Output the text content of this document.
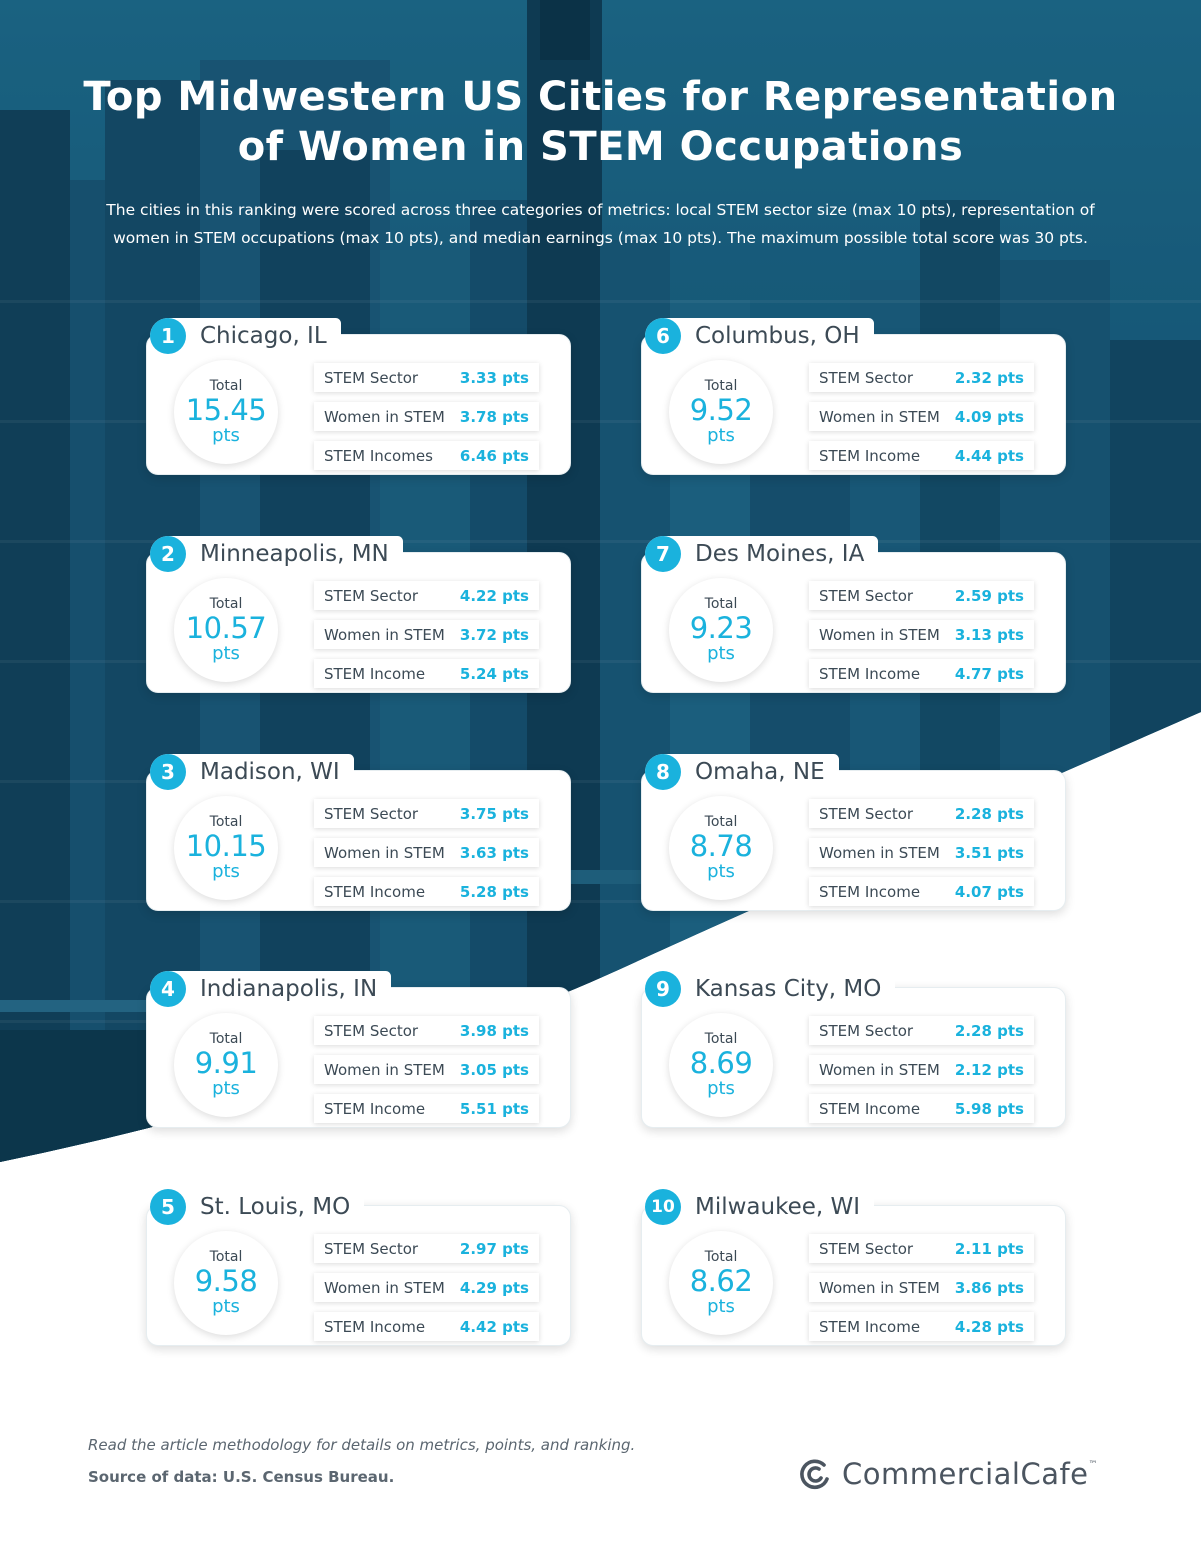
Top Midwestern US Cities for Representation
of Women in STEM Occupations
The cities in this ranking were scored across three categories of metrics: local STEM sector size (max 10 pts), representation of
women in STEM occupations (max 10 pts), and median earnings (max 10 pts). The maximum possible total score was 30 pts.
1	Chicago, IL
Total
15.45
pts
STEM Sector	3.33 pts
Women in STEM 3.78 pts
STEM Incomes 6.46 pts
2	Minneapolis, MN
Total
10.57
pts
STEM Sector	4.22 pts
Women in STEM 3.72 pts
STEM Income 5.24 pts
3	Madison, WI
Total
10.15
pts
STEM Sector	3.75 pts
Women in STEM 3.63 pts
STEM Income 5.28 pts
4	Indianapolis, IN
Total
9.91
pts
STEM Sector	3.98 pts
Women in STEM 3.05 pts
STEM Income 5.51 pts
5	St. Louis, MO
Total
9.58
pts
STEM Sector	2.97 pts
Women in STEM 4.29 pts
STEM Income 4.42 pts
6	Columbus, OH
Total
9.52
pts
STEM Sector	2.32 pts
Women in STEM 4.09 pts
STEM Income 4.44 pts
7	Des Moines, IA
Total
9.23
pts
STEM Sector	2.59 pts
Women in STEM 3.13 pts
STEM Income 4.77 pts
8	Omaha, NE
Total
8.78
pts
STEM Sector	2.28 pts
Women in STEM 3.51 pts
STEM Income 4.07 pts
9	Kansas City, MO
Total
8.69
pts
STEM Sector	2.28 pts
Women in STEM 2.12 pts
STEM Income 5.98 pts
10 Milwaukee, WI
Total
8.62
pts
STEM Sector	2.11 pts
Women in STEM 3.86 pts
STEM Income 4.28 pts
Read the article methodology for details on metrics, points, and ranking.
Source of data: U.S. Census Bureau.	CommercialCafe ™
